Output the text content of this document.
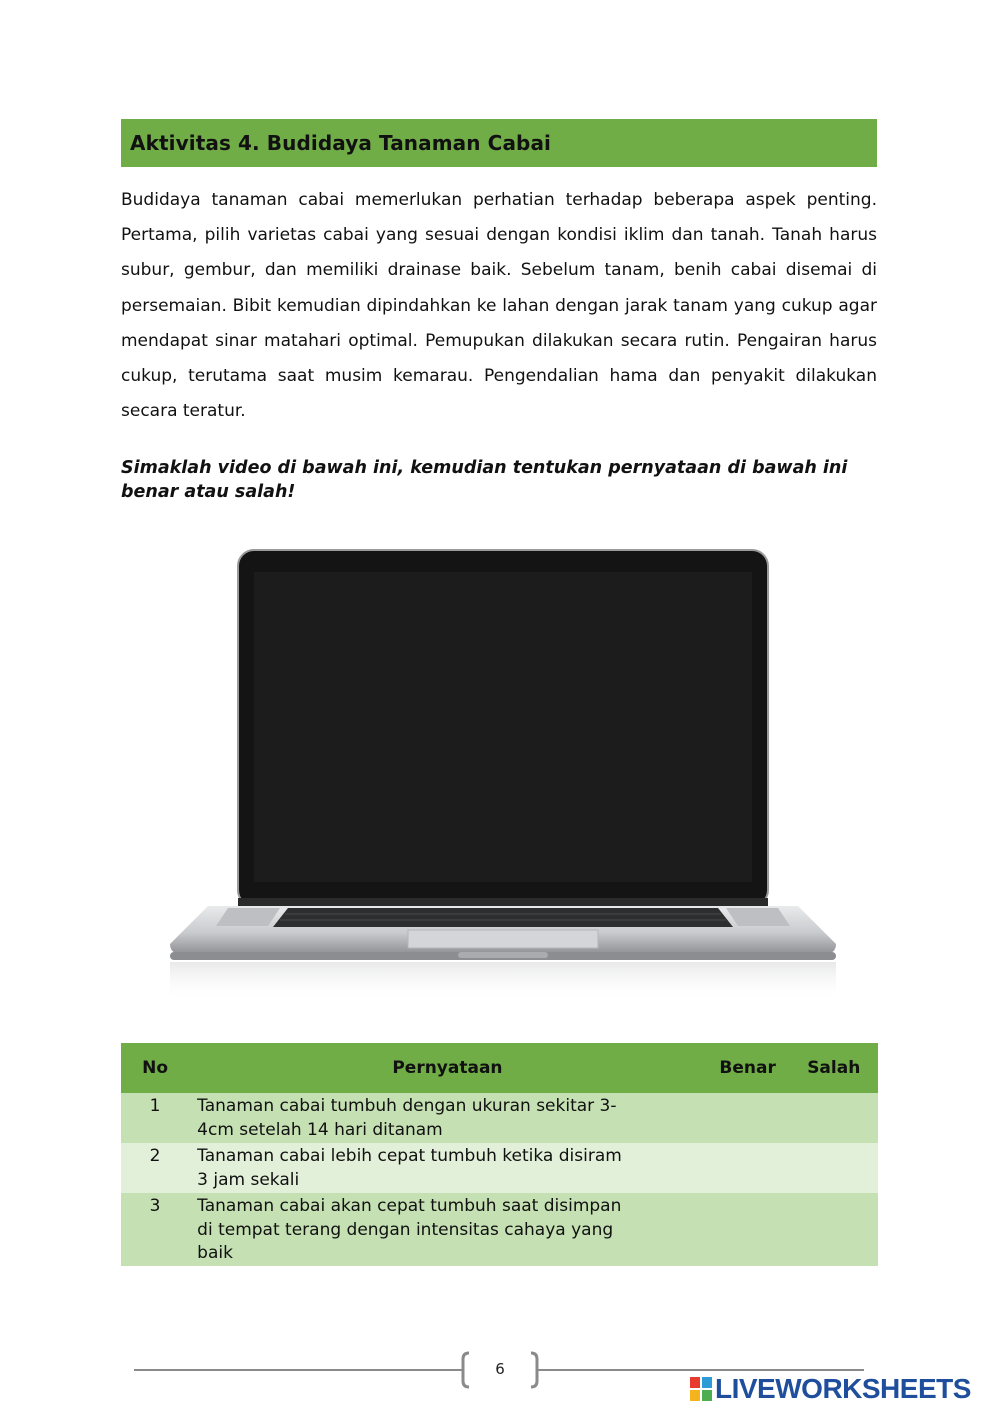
Aktivitas 4. Budidaya Tanaman Cabai

Budidaya tanaman cabai memerlukan perhatian terhadap beberapa aspek penting. Pertama, pilih varietas cabai yang sesuai dengan kondisi iklim dan tanah. Tanah harus subur, gembur, dan memiliki drainase baik. Sebelum tanam, benih cabai disemai di persemaian. Bibit kemudian dipindahkan ke lahan dengan jarak tanam yang cukup agar mendapat sinar matahari optimal. Pemupukan dilakukan secara rutin. Pengairan harus cukup, terutama saat musim kemarau. Pengendalian hama dan penyakit dilakukan secara teratur.

Simaklah video di bawah ini, kemudian tentukan pernyataan di bawah ini benar atau salah!

No	Pernyataan	Benar	Salah
1	Tanaman cabai tumbuh dengan ukuran sekitar 3-4cm setelah 14 hari ditanam		

2	Tanaman cabai lebih cepat tumbuh ketika disiram 3 jam sekali		

3	Tanaman cabai akan cepat tumbuh saat disimpan di tempat terang dengan intensitas cahaya yang baik		

6
LIVEWORKSHEETS
